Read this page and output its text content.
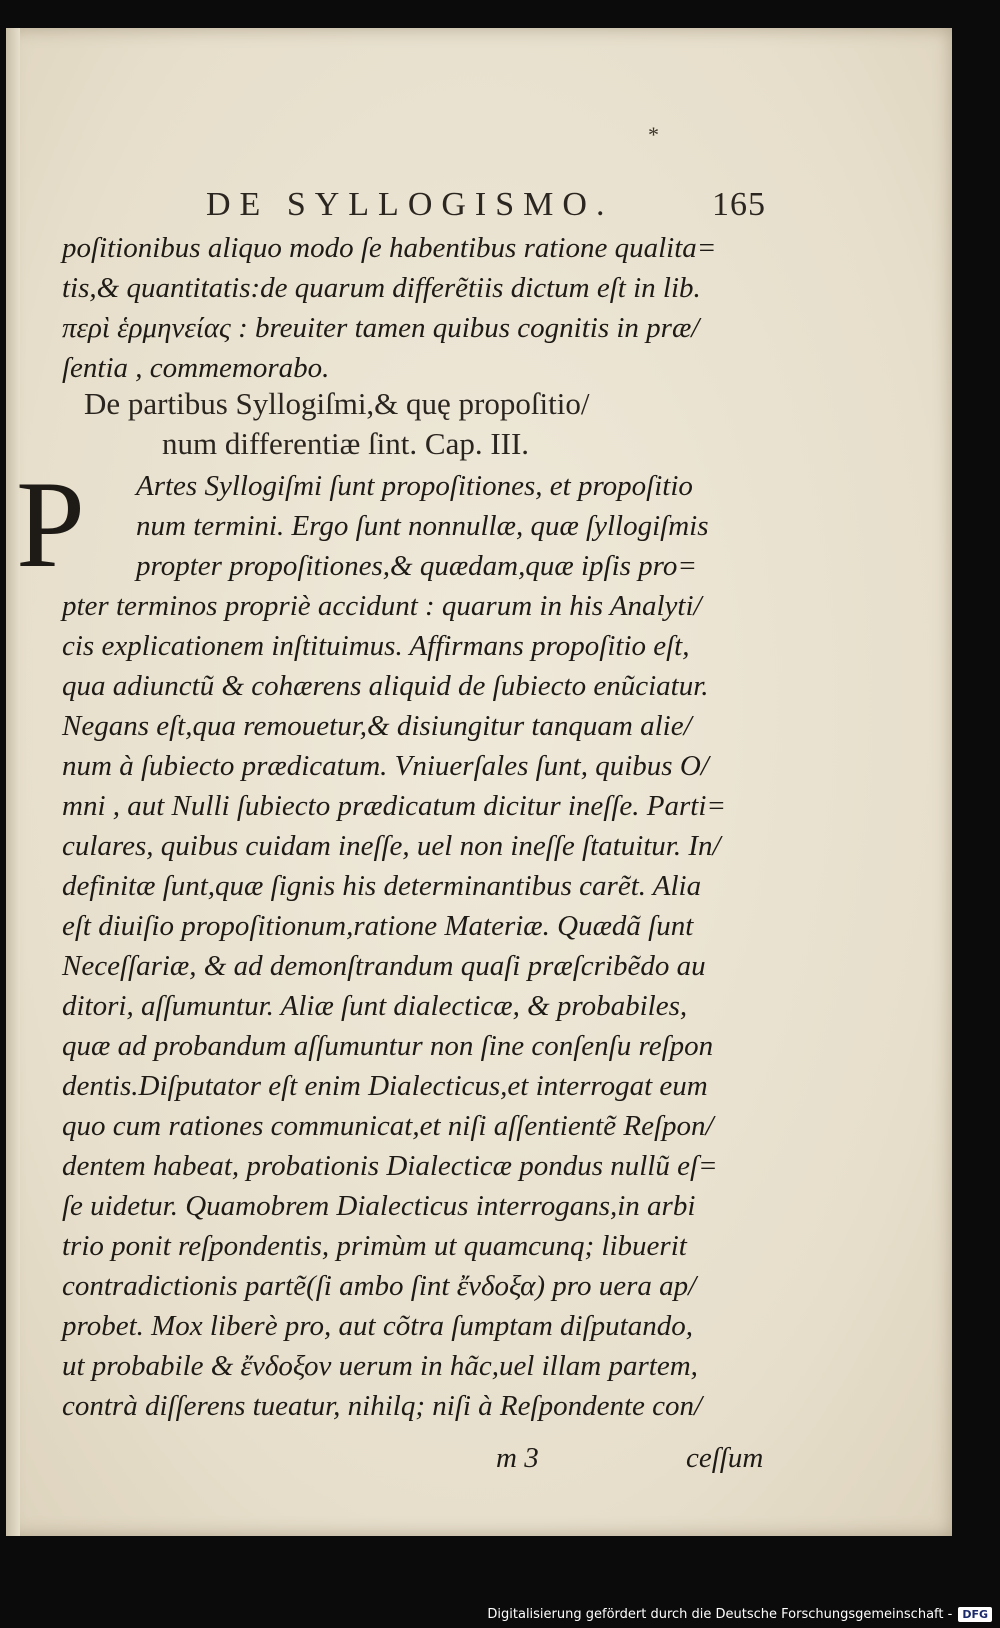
*
DE SYLLOGISMO.	165
poſitionibus aliquo modo ſe habentibus ratione qualita=
tis,& quantitatis:de quarum differẽtiis dictum eſt in lib.
περὶ ἑρμηνείας : breuiter tamen quibus cognitis in præ/
ſentia , commemorabo.
De partibus Syllogiſmi,& quę propoſitio/
num differentiæ ſint. Cap. III.
P Artes Syllogiſmi ſunt propoſitiones, et propoſitio
num termini. Ergo ſunt nonnullæ, quæ ſyllogiſmis
propter propoſitiones,& quædam,quæ ipſis pro=
pter terminos propriè accidunt : quarum in his Analyti/
cis explicationem inſtituimus. Affirmans propoſitio eſt,
qua adiunctũ & cohærens aliquid de ſubiecto enũciatur.
Negans eſt,qua remouetur,& disiungitur tanquam alie/
num à ſubiecto prædicatum. Vniuerſales ſunt, quibus O/
mni , aut Nulli ſubiecto prædicatum dicitur ineſſe. Parti=
culares, quibus cuidam ineſſe, uel non ineſſe ſtatuitur. In/
definitæ ſunt,quæ ſignis his determinantibus carẽt. Alia
eſt diuiſio propoſitionum,ratione Materiæ. Quædã ſunt
Neceſſariæ, & ad demonſtrandum quaſi præſcribẽdo au
ditori, aſſumuntur. Aliæ ſunt dialecticæ, & probabiles,
quæ ad probandum aſſumuntur non ſine conſenſu reſpon
dentis.Diſputator eſt enim Dialecticus,et interrogat eum
quo cum rationes communicat,et niſi aſſentientẽ Reſpon/
dentem habeat, probationis Dialecticæ pondus nullũ eſ=
ſe uidetur. Quamobrem Dialecticus interrogans,in arbi
trio ponit reſpondentis, primùm ut quamcunq; libuerit
contradictionis partẽ(ſi ambo ſint ἔνδοξα) pro uera ap/
probet. Mox liberè pro, aut cõtra ſumptam diſputando,
ut probabile & ἔνδοξον uerum in hãc,uel illam partem,
contrà diſſerens tueatur, nihilq; niſi à Reſpondente con/
m 3	ceſſum
Digitalisierung gefördert durch die Deutsche Forschungsgemeinschaft - DFG
